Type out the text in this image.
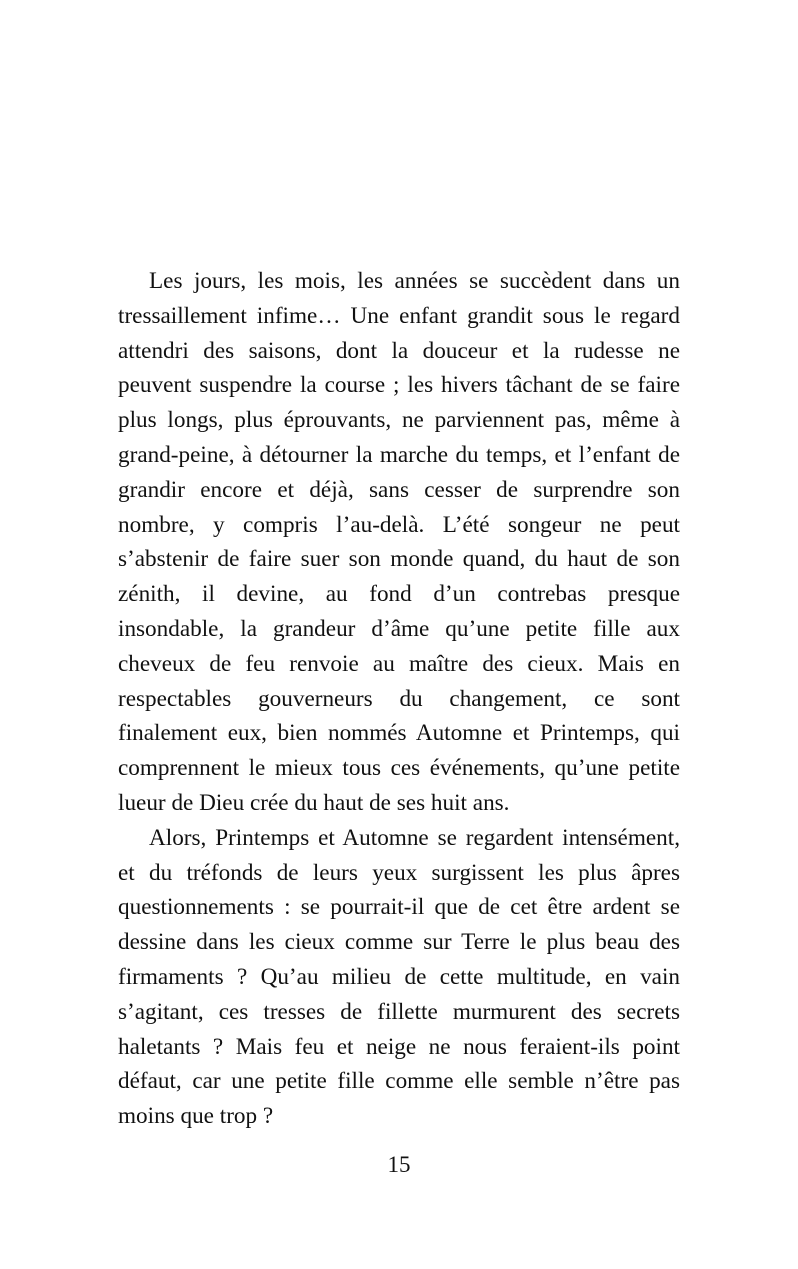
Les jours, les mois, les années se succèdent dans un tressaillement infime… Une enfant grandit sous le regard attendri des saisons, dont la douceur et la rudesse ne peuvent suspendre la course ; les hivers tâchant de se faire plus longs, plus éprouvants, ne parviennent pas, même à grand-peine, à détourner la marche du temps, et l’enfant de grandir encore et déjà, sans cesser de surprendre son nombre, y compris l’au-delà. L’été songeur ne peut s’abstenir de faire suer son monde quand, du haut de son zénith, il devine, au fond d’un contrebas presque insondable, la grandeur d’âme qu’une petite fille aux cheveux de feu renvoie au maître des cieux. Mais en respectables gouverneurs du changement, ce sont finalement eux, bien nommés Automne et Printemps, qui comprennent le mieux tous ces événements, qu’une petite lueur de Dieu crée du haut de ses huit ans.

Alors, Printemps et Automne se regardent intensément, et du tréfonds de leurs yeux surgissent les plus âpres questionnements : se pourrait-il que de cet être ardent se dessine dans les cieux comme sur Terre le plus beau des firmaments ? Qu’au milieu de cette multitude, en vain s’agitant, ces tresses de fillette murmurent des secrets haletants ? Mais feu et neige ne nous feraient-ils point défaut, car une petite fille comme elle semble n’être pas moins que trop ?

15
